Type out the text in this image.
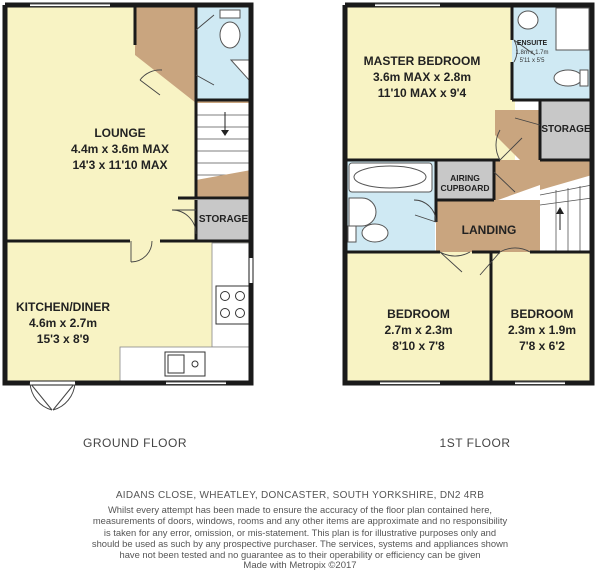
LOUNGE
4.4m x 3.6m MAX
14'3 x 11'10 MAX
STORAGE
KITCHEN/DINER
4.6m x 2.7m
15'3 x 8'9
GROUND FLOOR
MASTER BEDROOM
3.6m MAX x 2.8m
11'10 MAX x 9'4
ENSUITE
1.8m x 1.7m
5'11 x 5'5
STORAGE
AIRING
CUPBOARD
LANDING
BEDROOM
2.7m x 2.3m
8'10 x 7'8
BEDROOM
2.3m x 1.9m
7'8 x 6'2
1ST FLOOR
AIDANS CLOSE, WHEATLEY, DONCASTER, SOUTH YORKSHIRE, DN2 4RB
Whilst every attempt has been made to ensure the accuracy of the floor plan contained here, measurements of doors, windows, rooms and any other items are approximate and no responsibility is taken for any error, omission, or mis-statement. This plan is for illustrative purposes only and should be used as such by any prospective purchaser. The services, systems and appliances shown have not been tested and no guarantee as to their operability or efficiency can be given
Made with Metropix ©2017
